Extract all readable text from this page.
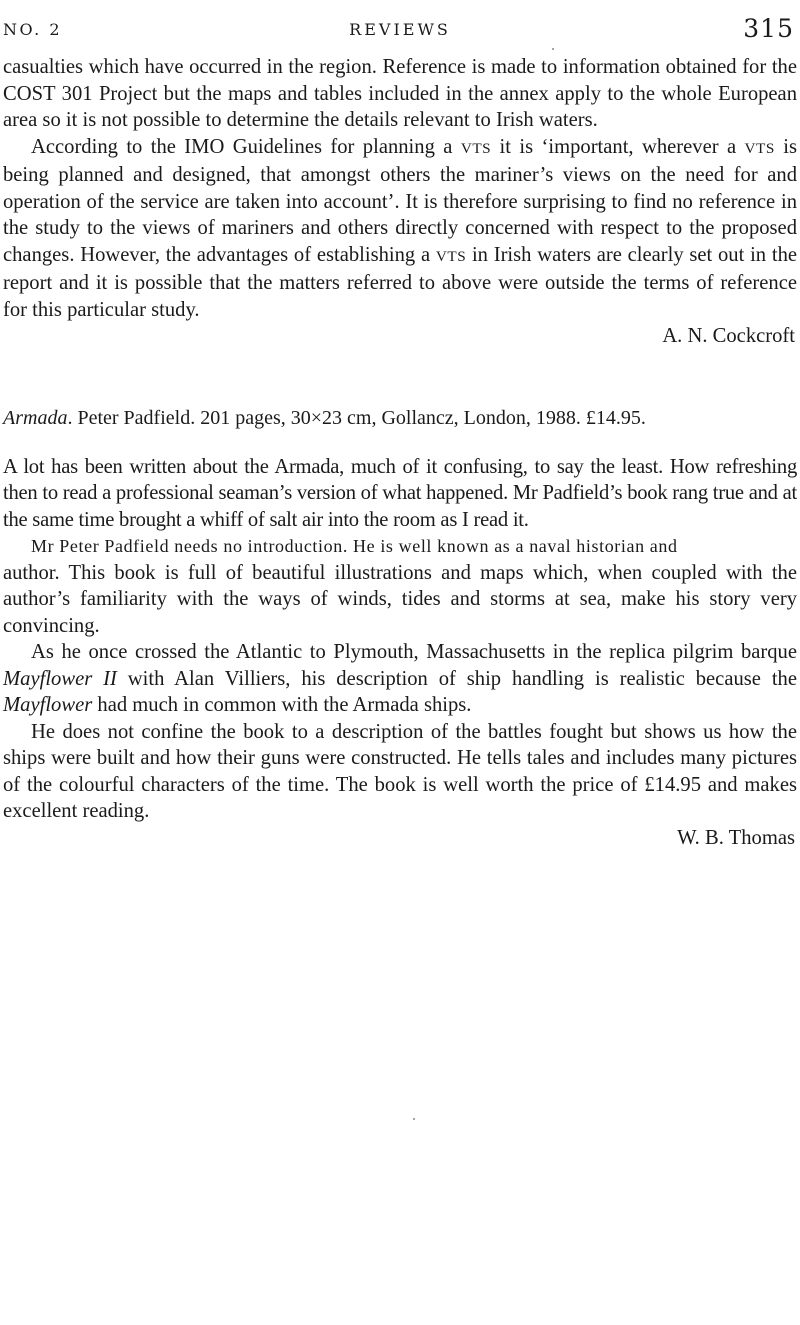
NO. 2	REVIEWS	315

casualties which have occurred in the region. Reference is made to information obtained for the COST 301 Project but the maps and tables included in the annex apply to the whole European area so it is not possible to determine the details relevant to Irish waters.

According to the IMO Guidelines for planning a VTS it is ‘important, wherever a VTS is being planned and designed, that amongst others the mariner’s views on the need for and operation of the service are taken into account’. It is therefore surprising to find no reference in the study to the views of mariners and others directly concerned with respect to the proposed changes. However, the advantages of establishing a VTS in Irish waters are clearly set out in the report and it is possible that the matters referred to above were outside the terms of reference for this particular study.

A. N. Cockcroft

Armada. Peter Padfield. 201 pages, 30×23 cm, Gollancz, London, 1988. £14.95.

A lot has been written about the Armada, much of it confusing, to say the least. How refreshing then to read a professional seaman’s version of what happened. Mr Padfield’s book rang true and at the same time brought a whiff of salt air into the room as I read it.

Mr Peter Padfield needs no introduction. He is well known as a naval historian and

author. This book is full of beautiful illustrations and maps which, when coupled with the author’s familiarity with the ways of winds, tides and storms at sea, make his story very convincing.

As he once crossed the Atlantic to Plymouth, Massachusetts in the replica pilgrim barque Mayflower II with Alan Villiers, his description of ship handling is realistic because the Mayflower had much in common with the Armada ships.

He does not confine the book to a description of the battles fought but shows us how the ships were built and how their guns were constructed. He tells tales and includes many pictures of the colourful characters of the time. The book is well worth the price of £14.95 and makes excellent reading.

W. B. Thomas
